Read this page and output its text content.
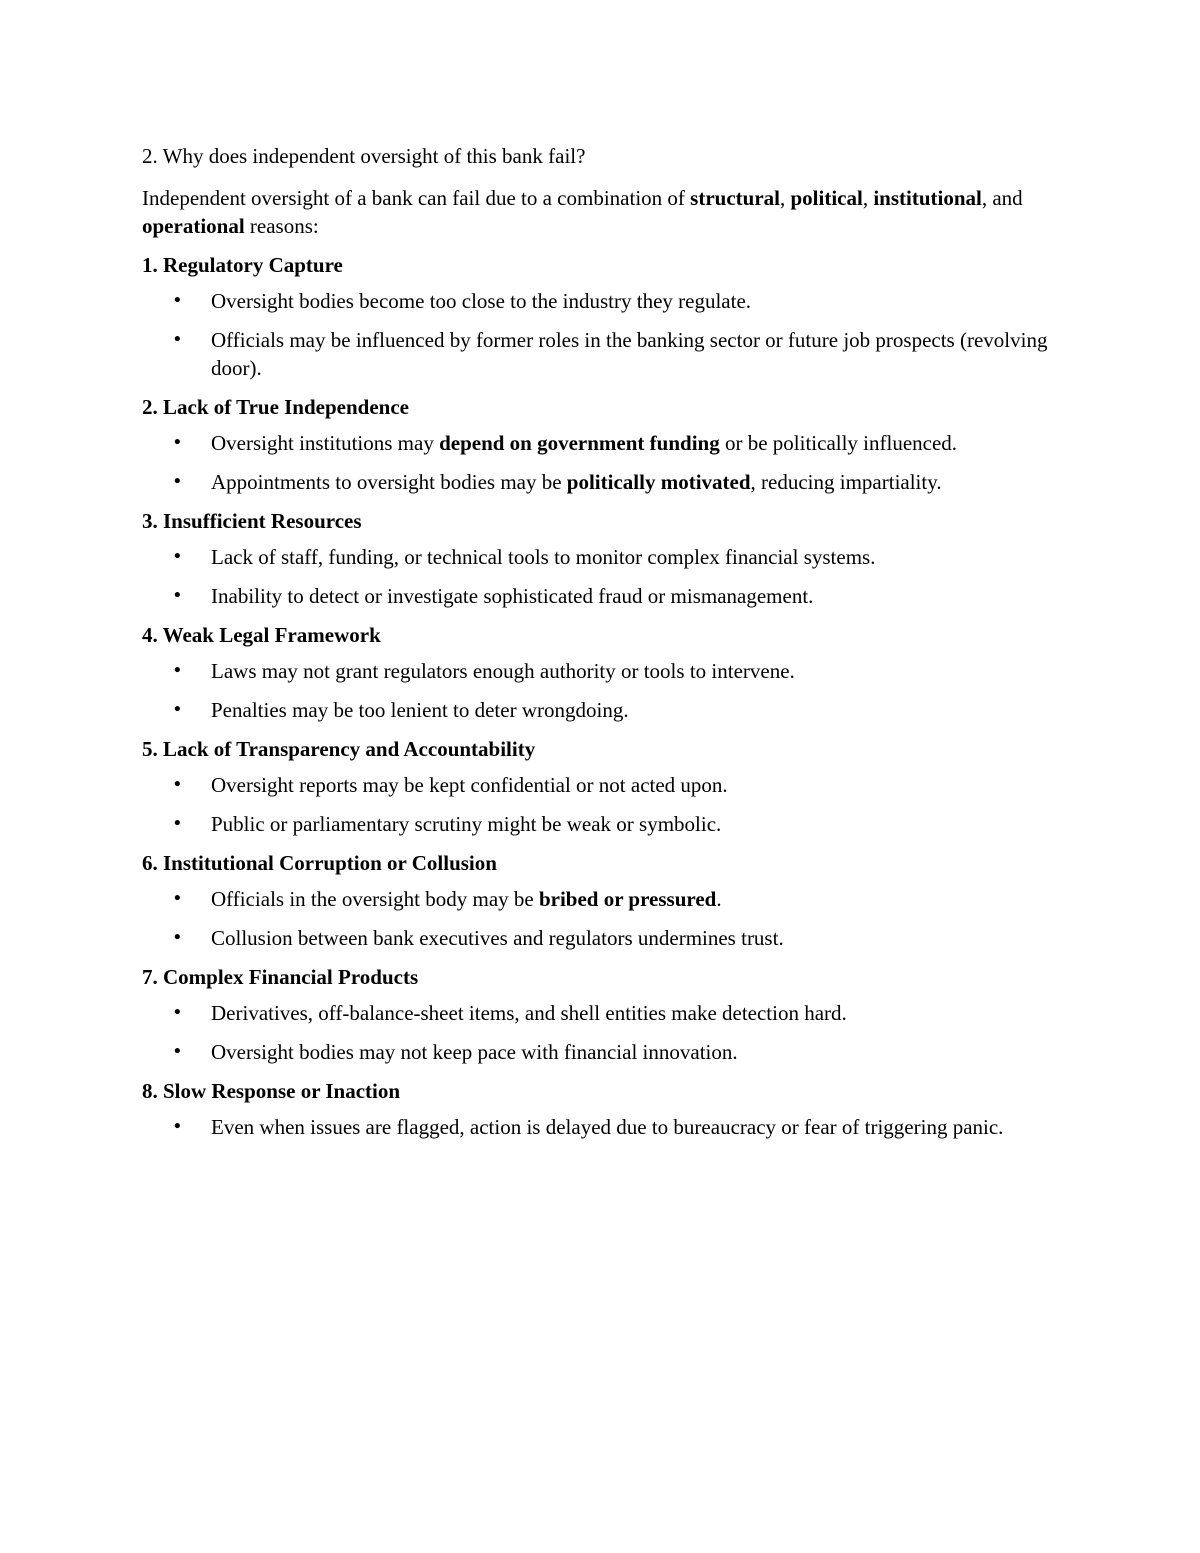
2. Why does independent oversight of this bank fail?

Independent oversight of a bank can fail due to a combination of structural, political, institutional, and operational reasons:

1. Regulatory Capture

• Oversight bodies become too close to the industry they regulate.
• Officials may be influenced by former roles in the banking sector or future job prospects (revolving door).

2. Lack of True Independence

• Oversight institutions may depend on government funding or be politically influenced.
• Appointments to oversight bodies may be politically motivated, reducing impartiality.

3. Insufficient Resources

• Lack of staff, funding, or technical tools to monitor complex financial systems.
• Inability to detect or investigate sophisticated fraud or mismanagement.

4. Weak Legal Framework

• Laws may not grant regulators enough authority or tools to intervene.
• Penalties may be too lenient to deter wrongdoing.

5. Lack of Transparency and Accountability

• Oversight reports may be kept confidential or not acted upon.
• Public or parliamentary scrutiny might be weak or symbolic.

6. Institutional Corruption or Collusion

• Officials in the oversight body may be bribed or pressured.
• Collusion between bank executives and regulators undermines trust.

7. Complex Financial Products

• Derivatives, off-balance-sheet items, and shell entities make detection hard.
• Oversight bodies may not keep pace with financial innovation.

8. Slow Response or Inaction

• Even when issues are flagged, action is delayed due to bureaucracy or fear of triggering panic.
